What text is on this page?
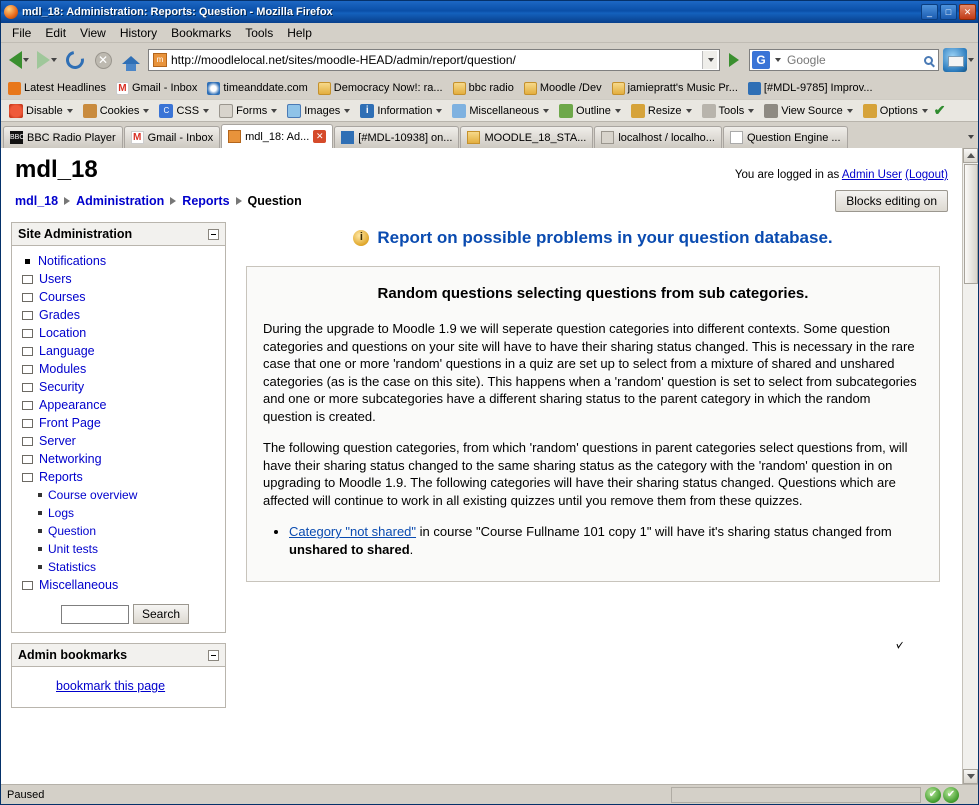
mdl_18: Administration: Reports: Question - Mozilla Firefox	_	□	✕
File	Edit	View	History	Bookmarks	Tools	Help
✕	m http://moodlelocal.net/sites/moodle-HEAD/admin/report/question/	G	Google
Latest Headlines M Gmail - Inbox timeanddate.com Democracy Now!: ra... bbc radio Moodle /Dev jamiepratt's Music Pr... [#MDL-9785] Improv...
Disable	Cookies	C CSS	Forms	Images	i Information	Miscellaneous	Outline	Resize	Tools	View Source	Options ✔
BBC BBC Radio Player M Gmail - Inbox	mdl_18: Ad... ✕	[#MDL-10938] on...	MOODLE_18_STA...	localhost / localho...	Question Engine ...
mdl_18	You are logged in as Admin User (Logout)
mdl_18 Administration Reports Question	Blocks editing on
Site Administration
Notifications
Users
Courses
Grades
Location
Language
Modules
Security
Appearance
Front Page
Server
Networking
Reports
Course overview
Logs
Question
Unit tests
Statistics
Miscellaneous
Search
Admin bookmarks
bookmark this page
i Report on possible problems in your question database.
Random questions selecting questions from sub categories.

During the upgrade to Moodle 1.9 we will seperate question categories into different contexts. Some question categories and questions on your site will have to have their sharing status changed. This is necessary in the rare case that one or more 'random' questions in a quiz are set up to select from a mixture of shared and unshared categories (as is the case on this site). This happens when a 'random' question is set to select from subcategories and one or more subcategories have a different sharing status to the parent category in which the random question is created.

The following question categories, from which 'random' questions in parent categories select questions from, will have their sharing status changed to the same sharing status as the category with the 'random' question in on upgrading to Moodle 1.9. The following categories will have their sharing status changed. Questions which are affected will continue to work in all existing quizzes until you remove them from these quizzes.

• Category "not shared" in course "Course Fullname 101 copy 1" will have it's sharing status changed from unshared to shared.
Paused	✔ ✔
